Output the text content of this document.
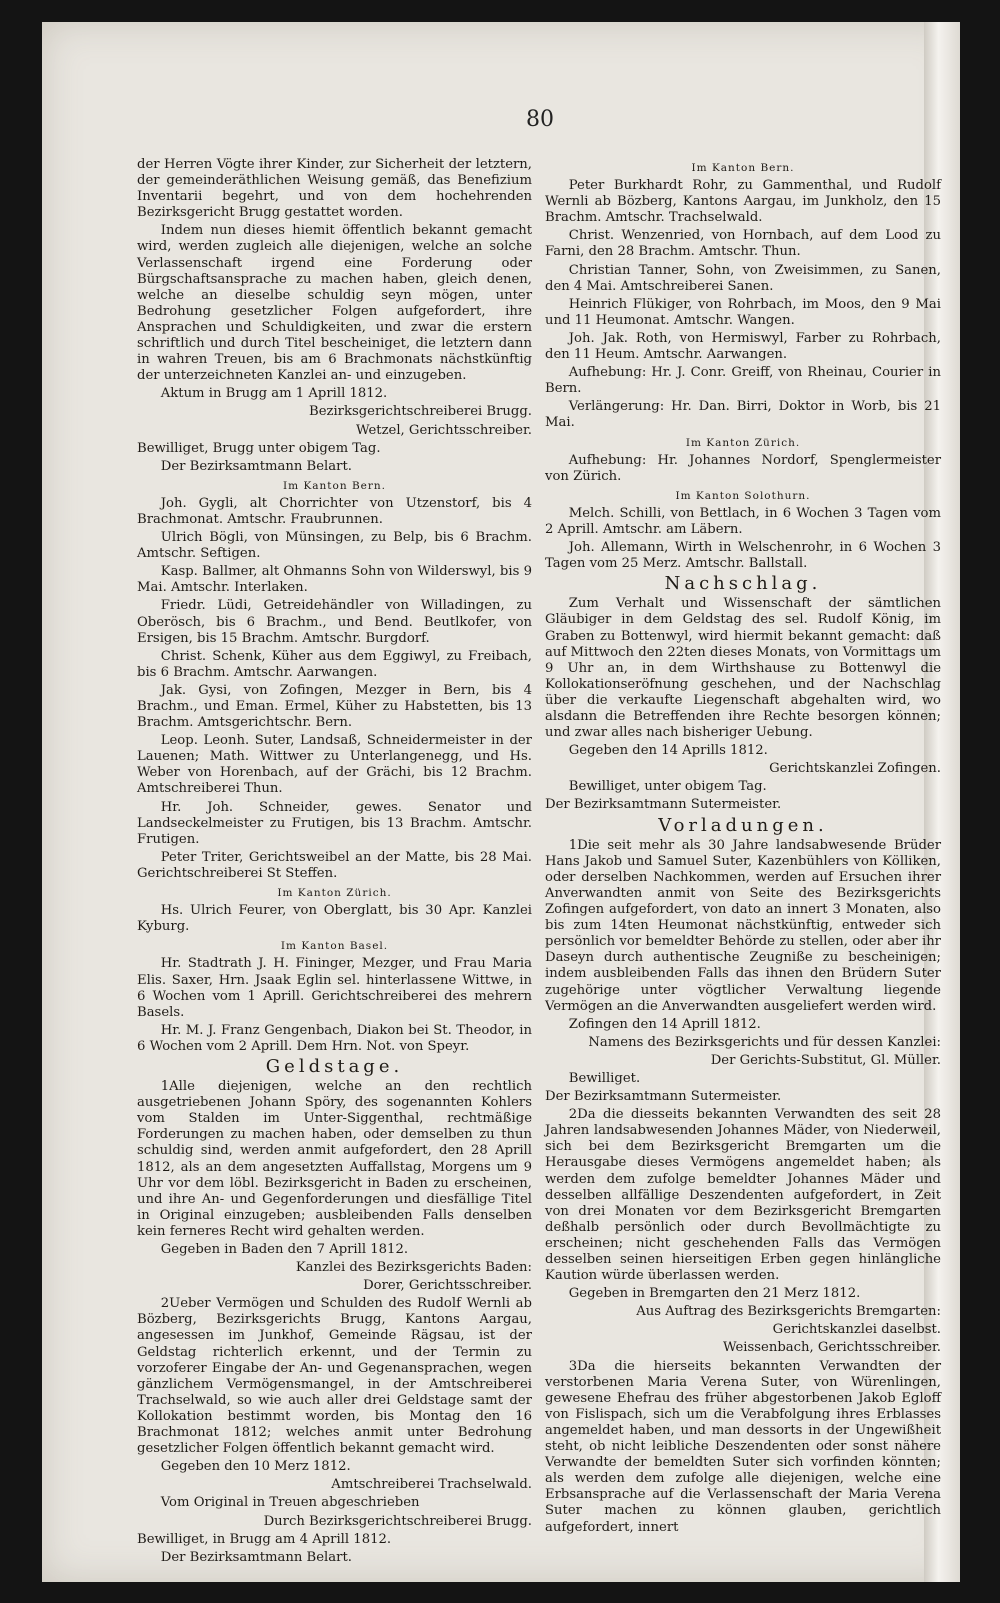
80

der Herren Vögte ihrer Kinder, zur Sicherheit der letztern, der gemeinderäthlichen Weisung gemäß, das Benefizium Inventarii begehrt, und von dem hochehrenden Bezirksgericht Brugg gestattet worden.

Indem nun dieses hiemit öffentlich bekannt gemacht wird, werden zugleich alle diejenigen, welche an solche Verlassenschaft irgend eine Forderung oder Bürgschaftsansprache zu machen haben, gleich denen, welche an dieselbe schuldig seyn mögen, unter Bedrohung gesetzlicher Folgen aufgefordert, ihre Ansprachen und Schuldigkeiten, und zwar die erstern schriftlich und durch Titel bescheiniget, die letztern dann in wahren Treuen, bis am 6 Brachmonats nächstkünftig der unterzeichneten Kanzlei an- und einzugeben.

Aktum in Brugg am 1 Aprill 1812.

Bezirksgerichtschreiberei Brugg.

Wetzel, Gerichtsschreiber.

Bewilliget, Brugg unter obigem Tag.

Der Bezirksamtmann Belart.

Im Kanton Bern.

Joh. Gygli, alt Chorrichter von Utzenstorf, bis 4 Brachmonat. Amtschr. Fraubrunnen.

Ulrich Bögli, von Münsingen, zu Belp, bis 6 Brachm. Amtschr. Seftigen.

Kasp. Ballmer, alt Ohmanns Sohn von Wilderswyl, bis 9 Mai. Amtschr. Interlaken.

Friedr. Lüdi, Getreidehändler von Willadingen, zu Oberösch, bis 6 Brachm., und Bend. Beutlkofer, von Ersigen, bis 15 Brachm. Amtschr. Burgdorf.

Christ. Schenk, Küher aus dem Eggiwyl, zu Freibach, bis 6 Brachm. Amtschr. Aarwangen.

Jak. Gysi, von Zofingen, Mezger in Bern, bis 4 Brachm., und Eman. Ermel, Küher zu Habstetten, bis 13 Brachm. Amtsgerichtschr. Bern.

Leop. Leonh. Suter, Landsaß, Schneidermeister in der Lauenen; Math. Wittwer zu Unterlangenegg, und Hs. Weber von Horenbach, auf der Grächi, bis 12 Brachm. Amtschreiberei Thun.

Hr. Joh. Schneider, gewes. Senator und Landseckelmeister zu Frutigen, bis 13 Brachm. Amtschr. Frutigen.

Peter Triter, Gerichtsweibel an der Matte, bis 28 Mai. Gerichtschreiberei St Steffen.

Im Kanton Zürich.

Hs. Ulrich Feurer, von Oberglatt, bis 30 Apr. Kanzlei Kyburg.

Im Kanton Basel.

Hr. Stadtrath J. H. Fininger, Mezger, und Frau Maria Elis. Saxer, Hrn. Jsaak Eglin sel. hinterlassene Wittwe, in 6 Wochen vom 1 Aprill. Gerichtschreiberei des mehrern Basels.

Hr. M. J. Franz Gengenbach, Diakon bei St. Theodor, in 6 Wochen vom 2 Aprill. Dem Hrn. Not. von Speyr.

Geldstage.

1Alle diejenigen, welche an den rechtlich ausgetriebenen Johann Spöry, des sogenannten Kohlers vom Stalden im Unter-Siggenthal, rechtmäßige Forderungen zu machen haben, oder demselben zu thun schuldig sind, werden anmit aufgefordert, den 28 Aprill 1812, als an dem angesetzten Auffallstag, Morgens um 9 Uhr vor dem löbl. Bezirksgericht in Baden zu erscheinen, und ihre An- und Gegenforderungen und diesfällige Titel in Original einzugeben; ausbleibenden Falls denselben kein ferneres Recht wird gehalten werden.

Gegeben in Baden den 7 Aprill 1812.

Kanzlei des Bezirksgerichts Baden:

Dorer, Gerichtsschreiber.

2Ueber Vermögen und Schulden des Rudolf Wernli ab Bözberg, Bezirksgerichts Brugg, Kantons Aargau, angesessen im Junkhof, Gemeinde Rägsau, ist der Geldstag richterlich erkennt, und der Termin zu vorzoferer Eingabe der An- und Gegenansprachen, wegen gänzlichem Vermögensmangel, in der Amtschreiberei Trachselwald, so wie auch aller drei Geldstage samt der Kollokation bestimmt worden, bis Montag den 16 Brachmonat 1812; welches anmit unter Bedrohung gesetzlicher Folgen öffentlich bekannt gemacht wird.

Gegeben den 10 Merz 1812.

Amtschreiberei Trachselwald.

Vom Original in Treuen abgeschrieben

Durch Bezirksgerichtschreiberei Brugg.

Bewilliget, in Brugg am 4 Aprill 1812.

Der Bezirksamtmann Belart.

Im Kanton Bern.

Peter Burkhardt Rohr, zu Gammenthal, und Rudolf Wernli ab Bözberg, Kantons Aargau, im Junkholz, den 15 Brachm. Amtschr. Trachselwald.

Christ. Wenzenried, von Hornbach, auf dem Lood zu Farni, den 28 Brachm. Amtschr. Thun.

Christian Tanner, Sohn, von Zweisimmen, zu Sanen, den 4 Mai. Amtschreiberei Sanen.

Heinrich Flükiger, von Rohrbach, im Moos, den 9 Mai und 11 Heumonat. Amtschr. Wangen.

Joh. Jak. Roth, von Hermiswyl, Farber zu Rohrbach, den 11 Heum. Amtschr. Aarwangen.

Aufhebung: Hr. J. Conr. Greiff, von Rheinau, Courier in Bern.

Verlängerung: Hr. Dan. Birri, Doktor in Worb, bis 21 Mai.

Im Kanton Zürich.

Aufhebung: Hr. Johannes Nordorf, Spenglermeister von Zürich.

Im Kanton Solothurn.

Melch. Schilli, von Bettlach, in 6 Wochen 3 Tagen vom 2 Aprill. Amtschr. am Läbern.

Joh. Allemann, Wirth in Welschenrohr, in 6 Wochen 3 Tagen vom 25 Merz. Amtschr. Ballstall.

Nachschlag.

Zum Verhalt und Wissenschaft der sämtlichen Gläubiger in dem Geldstag des sel. Rudolf König, im Graben zu Bottenwyl, wird hiermit bekannt gemacht: daß auf Mittwoch den 22ten dieses Monats, von Vormittags um 9 Uhr an, in dem Wirthshause zu Bottenwyl die Kollokationseröfnung geschehen, und der Nachschlag über die verkaufte Liegenschaft abgehalten wird, wo alsdann die Betreffenden ihre Rechte besorgen können; und zwar alles nach bisheriger Uebung.

Gegeben den 14 Aprills 1812.

Gerichtskanzlei Zofingen.

Bewilliget, unter obigem Tag.

Der Bezirksamtmann Sutermeister.

Vorladungen.

1Die seit mehr als 30 Jahre landsabwesende Brüder Hans Jakob und Samuel Suter, Kazenbühlers von Kölliken, oder derselben Nachkommen, werden auf Ersuchen ihrer Anverwandten anmit von Seite des Bezirksgerichts Zofingen aufgefordert, von dato an innert 3 Monaten, also bis zum 14ten Heumonat nächstkünftig, entweder sich persönlich vor bemeldter Behörde zu stellen, oder aber ihr Daseyn durch authentische Zeugniße zu bescheinigen; indem ausbleibenden Falls das ihnen den Brüdern Suter zugehörige unter vögtlicher Verwaltung liegende Vermögen an die Anverwandten ausgeliefert werden wird.

Zofingen den 14 Aprill 1812.

Namens des Bezirksgerichts und für dessen Kanzlei:

Der Gerichts-Substitut, Gl. Müller.

Bewilliget.

Der Bezirksamtmann Sutermeister.

2Da die diesseits bekannten Verwandten des seit 28 Jahren landsabwesenden Johannes Mäder, von Niederweil, sich bei dem Bezirksgericht Bremgarten um die Herausgabe dieses Vermögens angemeldet haben; als werden dem zufolge bemeldter Johannes Mäder und desselben allfällige Deszendenten aufgefordert, in Zeit von drei Monaten vor dem Bezirksgericht Bremgarten deßhalb persönlich oder durch Bevollmächtigte zu erscheinen; nicht geschehenden Falls das Vermögen desselben seinen hierseitigen Erben gegen hinlängliche Kaution würde überlassen werden.

Gegeben in Bremgarten den 21 Merz 1812.

Aus Auftrag des Bezirksgerichts Bremgarten:

Gerichtskanzlei daselbst.

Weissenbach, Gerichtsschreiber.

3Da die hierseits bekannten Verwandten der verstorbenen Maria Verena Suter, von Würenlingen, gewesene Ehefrau des früher abgestorbenen Jakob Egloff von Fislispach, sich um die Verabfolgung ihres Erblasses angemeldet haben, und man dessorts in der Ungewißheit steht, ob nicht leibliche Deszendenten oder sonst nähere Verwandte der bemeldten Suter sich vorfinden könnten; als werden dem zufolge alle diejenigen, welche eine Erbsansprache auf die Verlassenschaft der Maria Verena Suter machen zu können glauben, gerichtlich aufgefordert, innert
